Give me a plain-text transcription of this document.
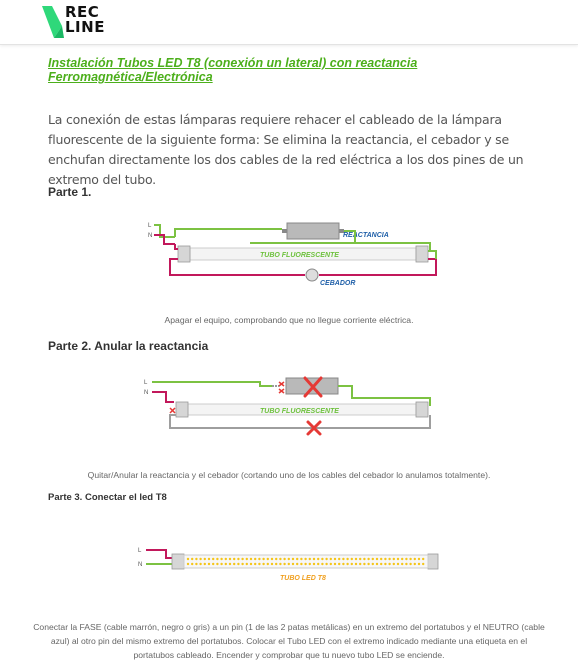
REC
LINE
Instalación Tubos LED T8 (conexión un lateral) con reactancia Ferromagnética/Electrónica

La conexión de estas lámparas requiere rehacer el cableado de la lámpara fluorescente de la siguiente forma: Se elimina la reactancia, el cebador y se enchufan directamente los dos cables de la red eléctrica a los dos pines de un extremo del tubo.

Parte 1.
L
N	REACTANCIA
TUBO FLUORESCENTE
CEBADOR

Apagar el equipo, comprobando que no llegue corriente eléctrica.

Parte 2. Anular la reactancia
L
N
TUBO FLUORESCENTE

Quitar/Anular la reactancia y el cebador (cortando uno de los cables del cebador lo anulamos totalmente).

Parte 3. Conectar el led T8
L
N
TUBO LED T8

Conectar la FASE (cable marrón, negro o gris) a un pin (1 de las 2 patas metálicas) en un extremo del portatubos y el NEUTRO (cable azul) al otro pin del mismo extremo del portatubos. Colocar el Tubo LED con el extremo indicado mediante una etiqueta en el portatubos cableado. Encender y comprobar que tu nuevo tubo LED se enciende.
